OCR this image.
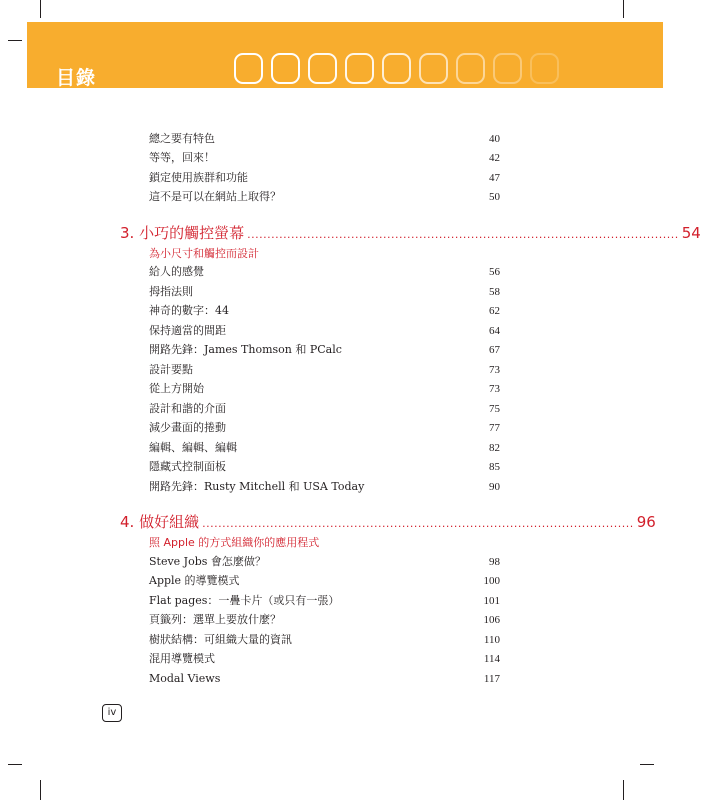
目錄
總之要有特色	40
等等，回來！	42
鎖定使用族群和功能	47
這不是可以在網站上取得？	50
3. 小巧的觸控螢幕 ............................................................................................................ 54
為小尺寸和觸控而設計
給人的感覺	56
拇指法則	58
神奇的數字：44	62
保持適當的間距	64
開路先鋒：James Thomson 和 PCalc	67
設計要點	73
從上方開始	73
設計和諧的介面	75
減少畫面的捲動	77
編輯、編輯、編輯	82
隱藏式控制面板	85
開路先鋒：Rusty Mitchell 和 USA Today	90
4. 做好組織 ............................................................................................................ 96
照 Apple 的方式組織你的應用程式
Steve Jobs 會怎麼做？	98
Apple 的導覽模式	100
Flat pages：一疊卡片（或只有一張）	101
頁籤列：選單上要放什麼？	106
樹狀結構：可組織大量的資訊	110
混用導覽模式	114
Modal Views	117
iv
